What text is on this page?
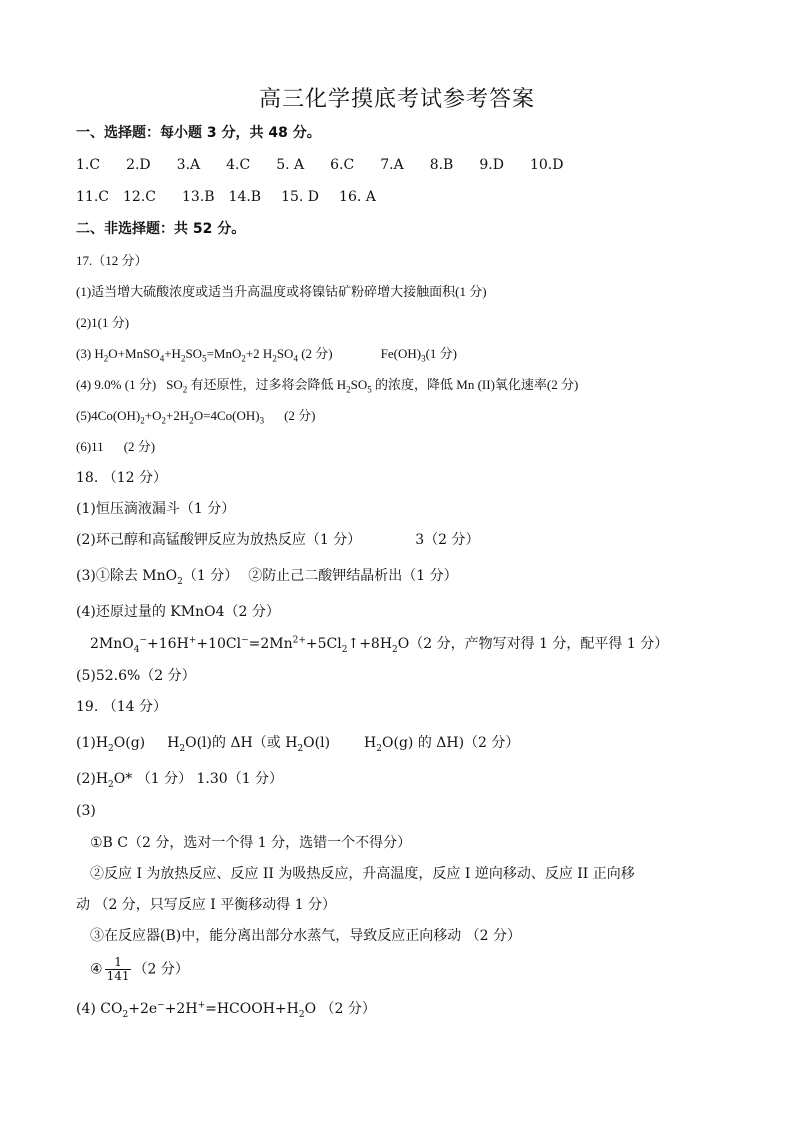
高三化学摸底考试参考答案
一、选择题：每小题 3 分，共 48 分。
1.C 2.D 3.A 4.C 5. A 6.C 7.A 8.B 9.D 10.D
11.C 12.C 13.B 14.B 15. D 16. A
二、非选择题：共 52 分。
17.（12 分）
(1)适当增大硫酸浓度或适当升高温度或将镍钴矿粉碎增大接触面积(1 分)
(2)1(1 分)
(3) $H_2O+MnSO_4+H_2SO_5=MnO_2+2$ $H_2SO_4$ (2 分)	$Fe(OH)_3(1$ 分)
(4) 9.0% (1 分) $SO_2$ 有还原性，过多将会降低 $H_2SO_5$ 的浓度，降低 Mn (II)氧化速率(2 分)
$(5)4Co(OH)_2+O_2+2H_2O=4Co(OH)_3$ (2 分)
(6)11 (2 分)
18. （12 分）
(1)恒压滴液漏斗（1 分）
(2)环己醇和高锰酸钾反应为放热反应（1 分）	3（2 分）
(3)①除去 MnO$_2$（1 分） ②防止己二酸钾结晶析出（1 分）
(4)还原过量的 KMnO4（2 分）
$2MnO_4^-+16H^++10Cl^-=2Mn^{2+}+5Cl_2↑+8H_2O(2$ 分，产物写对得 1 分，配平得 1 分）
(5)52.6%（2 分）
19. （14 分）
$(1)H_2O(g)$ $H_2O(l)$的 ΔH（或 $H_2O(l)$ $H_2O(g)$ 的 ΔH)（2 分）
$(2)H_2O*$ （1 分） 1.30（1 分）
(3)
①B C（2 分，选对一个得 1 分，选错一个不得分）
②反应 I 为放热反应、反应 II 为吸热反应，升高温度，反应 I 逆向移动、反应 II 正向移
动 （2 分，只写反应 I 平衡移动得 1 分）
③在反应器(B)中，能分离出部分水蒸气，导致反应正向移动 （2 分）
④ $\frac{1}{141} (2$ 分）
(4) $CO_2+2e^-+2H^+=HCOOH+H_2O$ （2 分）
